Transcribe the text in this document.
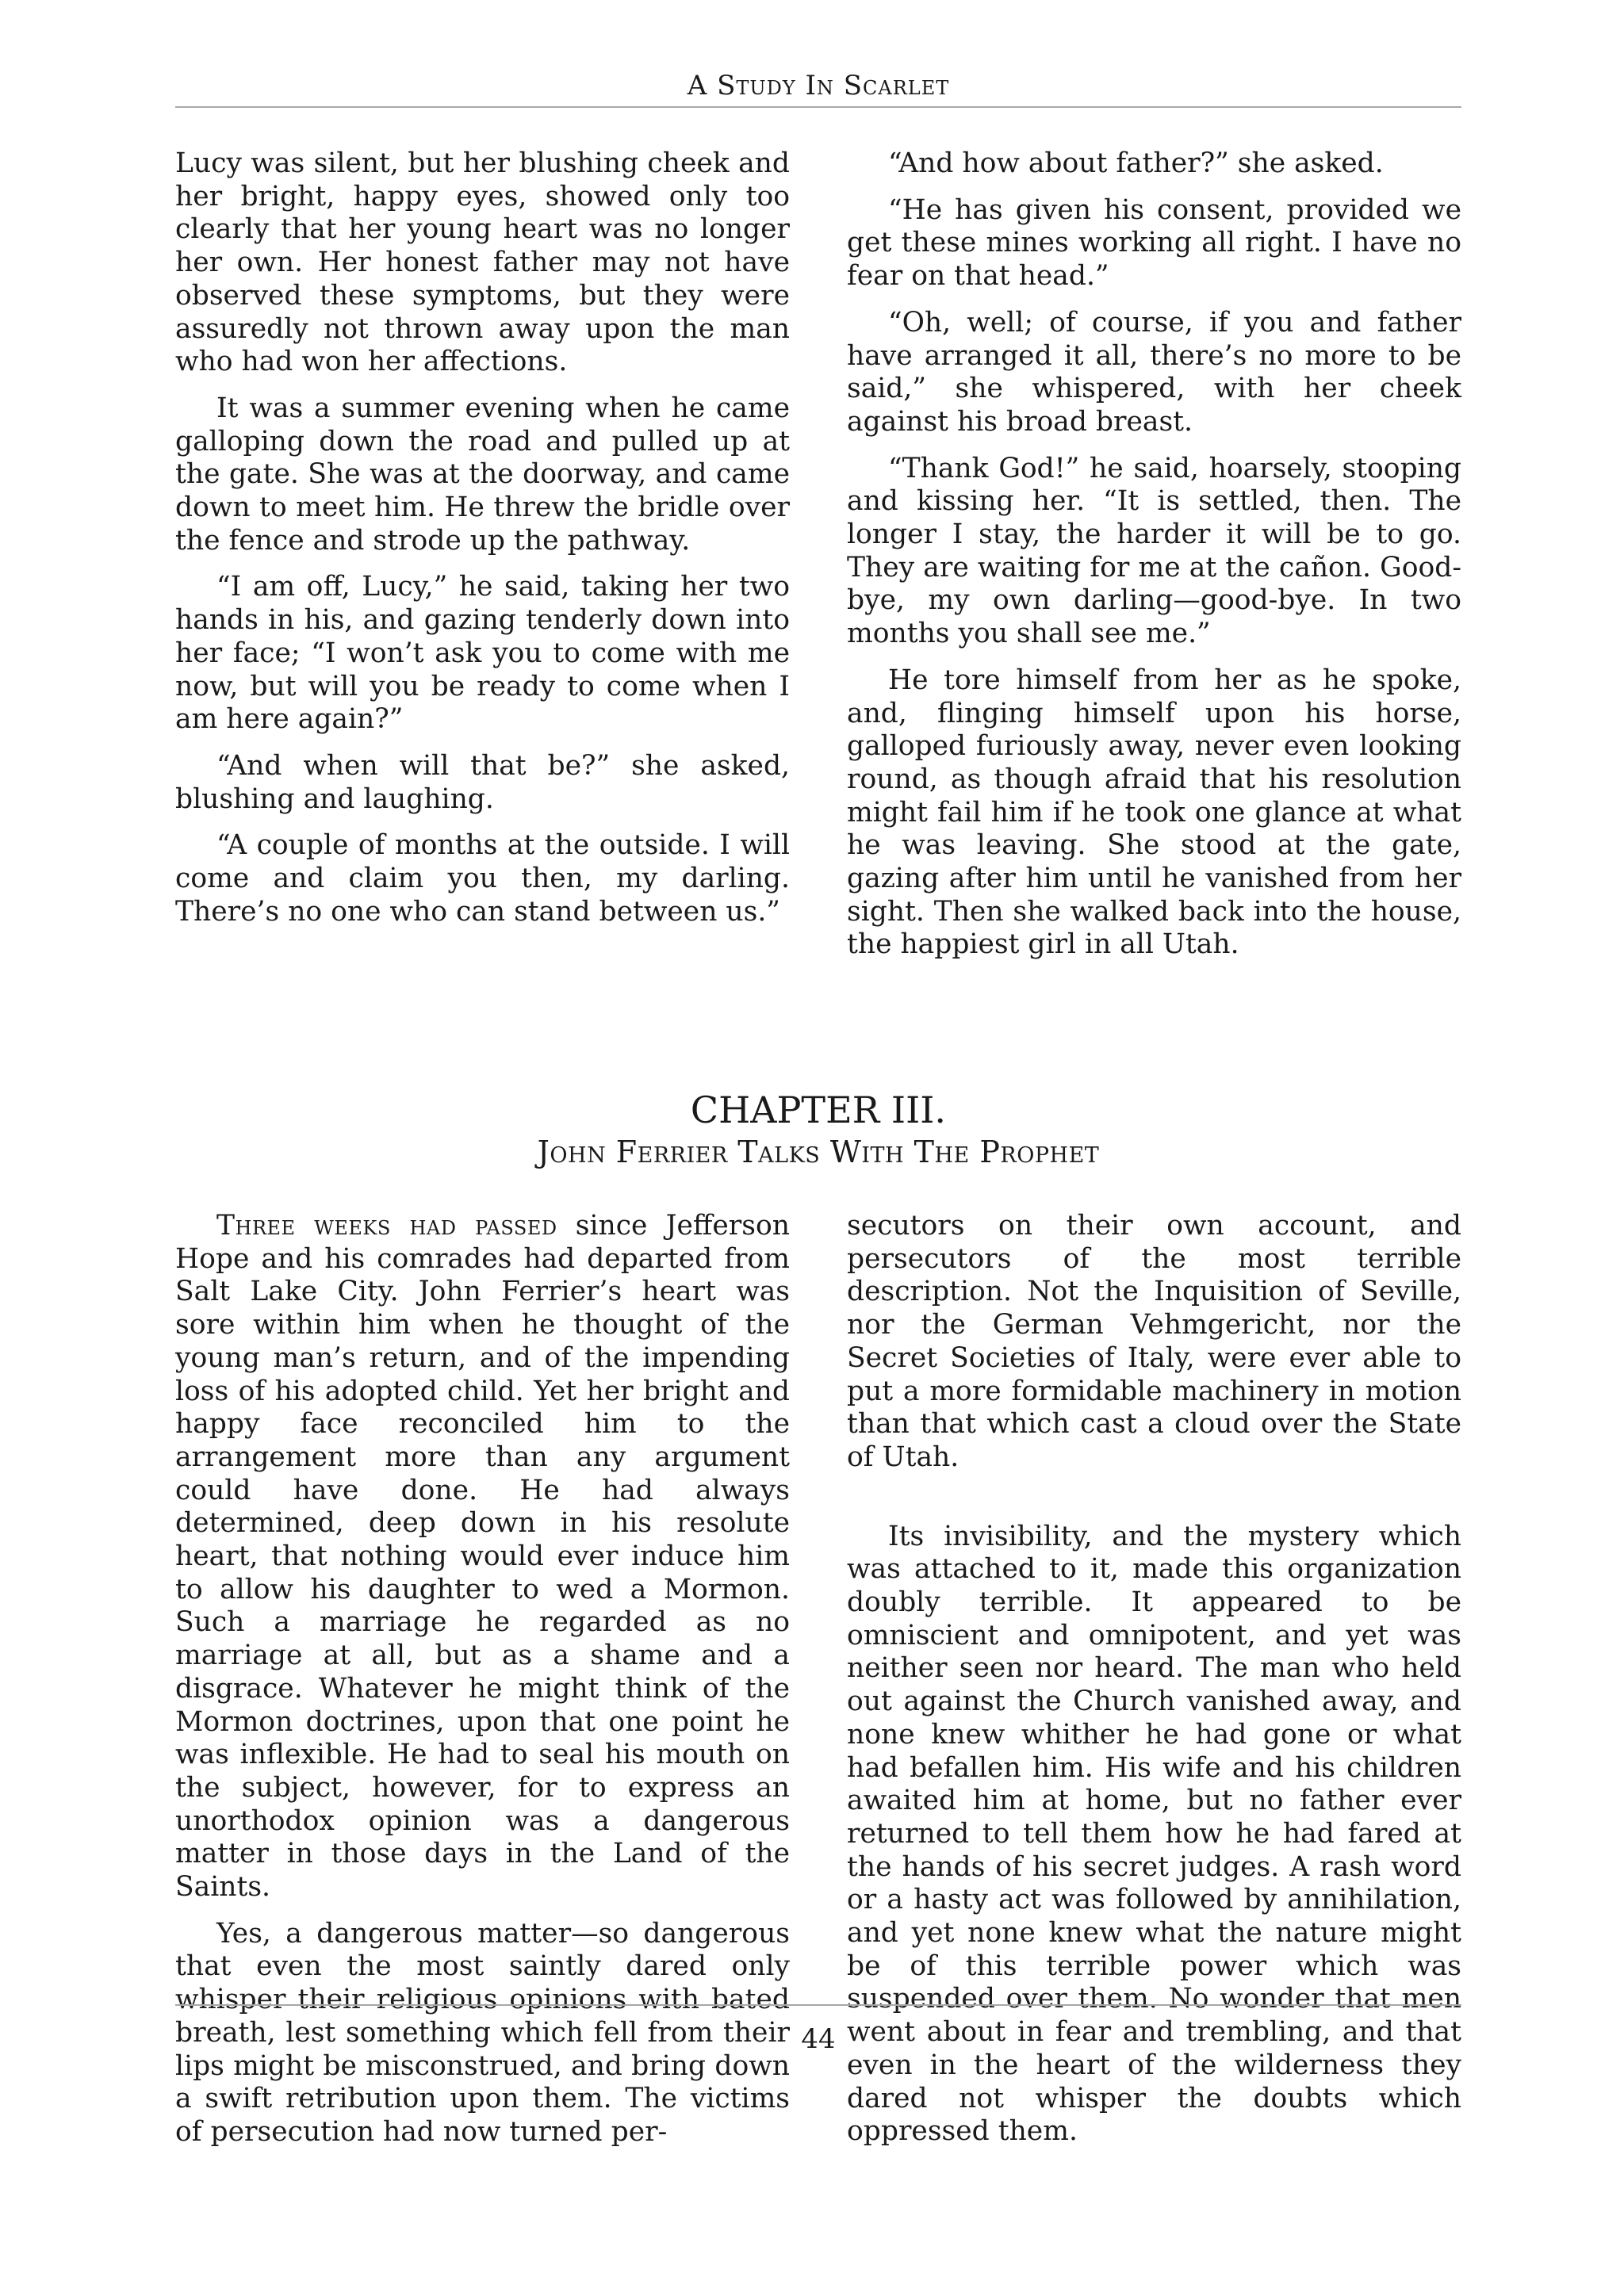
A Study In Scarlet

Lucy was silent, but her blushing cheek and her bright, happy eyes, showed only too clearly that her young heart was no longer her own. Her honest father may not have observed these symptoms, but they were assuredly not thrown away upon the man who had won her affections.

It was a summer evening when he came galloping down the road and pulled up at the gate. She was at the doorway, and came down to meet him. He threw the bridle over the fence and strode up the pathway.

“I am off, Lucy,” he said, taking her two hands in his, and gazing tenderly down into her face; “I won’t ask you to come with me now, but will you be ready to come when I am here again?”

“And when will that be?” she asked, blushing and laughing.

“A couple of months at the outside. I will come and claim you then, my darling. There’s no one who can stand between us.”

“And how about father?” she asked.

“He has given his consent, provided we get these mines working all right. I have no fear on that head.”

“Oh, well; of course, if you and father have arranged it all, there’s no more to be said,” she whispered, with her cheek against his broad breast.

“Thank God!” he said, hoarsely, stooping and kissing her. “It is settled, then. The longer I stay, the harder it will be to go. They are waiting for me at the cañon. Good-bye, my own darling—good-bye. In two months you shall see me.”

He tore himself from her as he spoke, and, flinging himself upon his horse, galloped furiously away, never even looking round, as though afraid that his resolution might fail him if he took one glance at what he was leaving. She stood at the gate, gazing after him until he vanished from her sight. Then she walked back into the house, the happiest girl in all Utah.

CHAPTER III.
John Ferrier Talks With The Prophet

Three weeks had passed since Jefferson Hope and his comrades had departed from Salt Lake City. John Ferrier’s heart was sore within him when he thought of the young man’s return, and of the impending loss of his adopted child. Yet her bright and happy face reconciled him to the arrangement more than any argument could have done. He had always determined, deep down in his resolute heart, that nothing would ever induce him to allow his daughter to wed a Mormon. Such a marriage he regarded as no marriage at all, but as a shame and a disgrace. Whatever he might think of the Mormon doctrines, upon that one point he was inflexible. He had to seal his mouth on the subject, however, for to express an unorthodox opinion was a dangerous matter in those days in the Land of the Saints.

Yes, a dangerous matter—so dangerous that even the most saintly dared only whisper their religious opinions with bated breath, lest something which fell from their lips might be misconstrued, and bring down a swift retribution upon them. The victims of persecution had now turned per-

secutors on their own account, and persecutors of the most terrible description. Not the Inquisition of Seville, nor the German Vehmgericht, nor the Secret Societies of Italy, were ever able to put a more formidable machinery in motion than that which cast a cloud over the State of Utah.

Its invisibility, and the mystery which was attached to it, made this organization doubly terrible. It appeared to be omniscient and omnipotent, and yet was neither seen nor heard. The man who held out against the Church vanished away, and none knew whither he had gone or what had befallen him. His wife and his children awaited him at home, but no father ever returned to tell them how he had fared at the hands of his secret judges. A rash word or a hasty act was followed by annihilation, and yet none knew what the nature might be of this terrible power which was suspended over them. No wonder that men went about in fear and trembling, and that even in the heart of the wilderness they dared not whisper the doubts which oppressed them.

44
